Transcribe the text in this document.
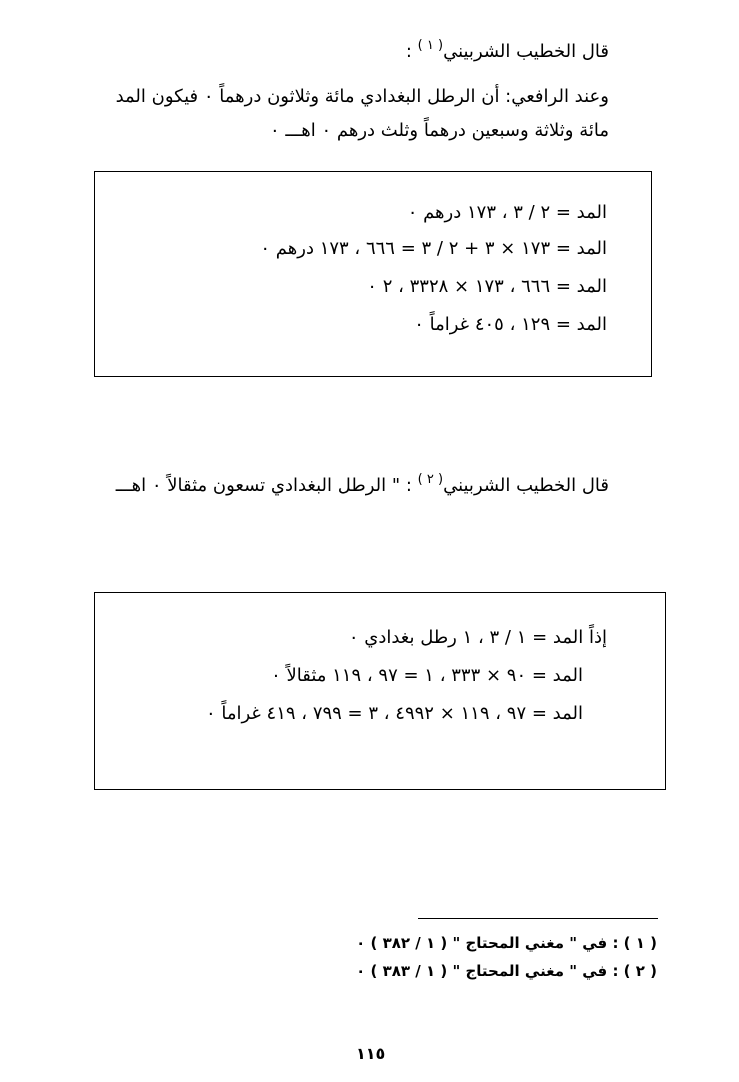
قال الخطيب الشربيني$^{( ١ )}$ :
وعند الرافعي: أن الرطل البغدادي مائة وثلاثون درهماً ٠ فيكون المد
مائة وثلاثة وسبعين درهماً وثلث درهم ٠ اهـــ ٠
المد = ٢ / ٣ ، ١٧٣ درهم ٠
المد = ١٧٣ × ٣ + ٢ / ٣ = ٦٦٦ ، ١٧٣ درهم ٠
المد = ٦٦٦ ، ١٧٣ × ٣٣٢٨ ، ٢ ٠
المد = ١٢٩ ، ٤٠٥ غراماً ٠
قال الخطيب الشربيني$^{( ٢ )}$ : " الرطل البغدادي تسعون مثقالاً ٠ اهـــ
إذاً المد = ١ / ٣ ، ١ رطل بغدادي ٠
المد = ٩٠ × ٣٣٣ ، ١ = ٩٧ ، ١١٩ مثقالاً ٠
المد = ٩٧ ، ١١٩ × ٤٩٩٢ ، ٣ = ٧٩٩ ، ٤١٩ غراماً ٠
( ١ ) : في " مغني المحتاج " ( ١ / ٣٨٢ ) ٠
( ٢ ) : في " مغني المحتاج " ( ١ / ٣٨٣ ) ٠
١١٥
